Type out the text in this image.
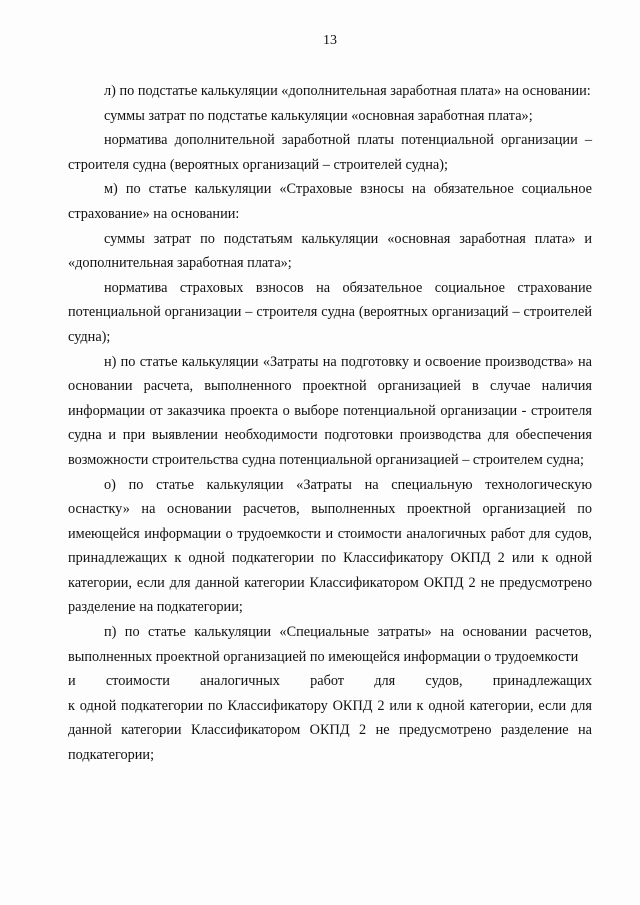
13

л) по подстатье калькуляции «дополнительная заработная плата» на основании:

суммы затрат по подстатье калькуляции «основная заработная плата»;

норматива дополнительной заработной платы потенциальной организации – строителя судна (вероятных организаций – строителей судна);

м) по статье калькуляции «Страховые взносы на обязательное социальное страхование» на основании:

суммы затрат по подстатьям калькуляции «основная заработная плата» и «дополнительная заработная плата»;

норматива страховых взносов на обязательное социальное страхование потенциальной организации – строителя судна (вероятных организаций – строителей судна);

н) по статье калькуляции «Затраты на подготовку и освоение производства» на основании расчета, выполненного проектной организацией в случае наличия информации от заказчика проекта о выборе потенциальной организации - строителя судна и при выявлении необходимости подготовки производства для обеспечения возможности строительства судна потенциальной организацией – строителем судна;

о) по статье калькуляции «Затраты на специальную технологическую оснастку» на основании расчетов, выполненных проектной организацией по имеющейся информации о трудоемкости и стоимости аналогичных работ для судов, принадлежащих к одной подкатегории по Классификатору ОКПД 2 или к одной категории, если для данной категории Классификатором ОКПД 2 не предусмотрено разделение на подкатегории;

п) по статье калькуляции «Специальные затраты» на основании расчетов, выполненных проектной организацией по имеющейся информации о трудоемкости

и стоимости аналогичных работ для судов, принадлежащих

к одной подкатегории по Классификатору ОКПД 2 или к одной категории, если для данной категории Классификатором ОКПД 2 не предусмотрено разделение на подкатегории;
